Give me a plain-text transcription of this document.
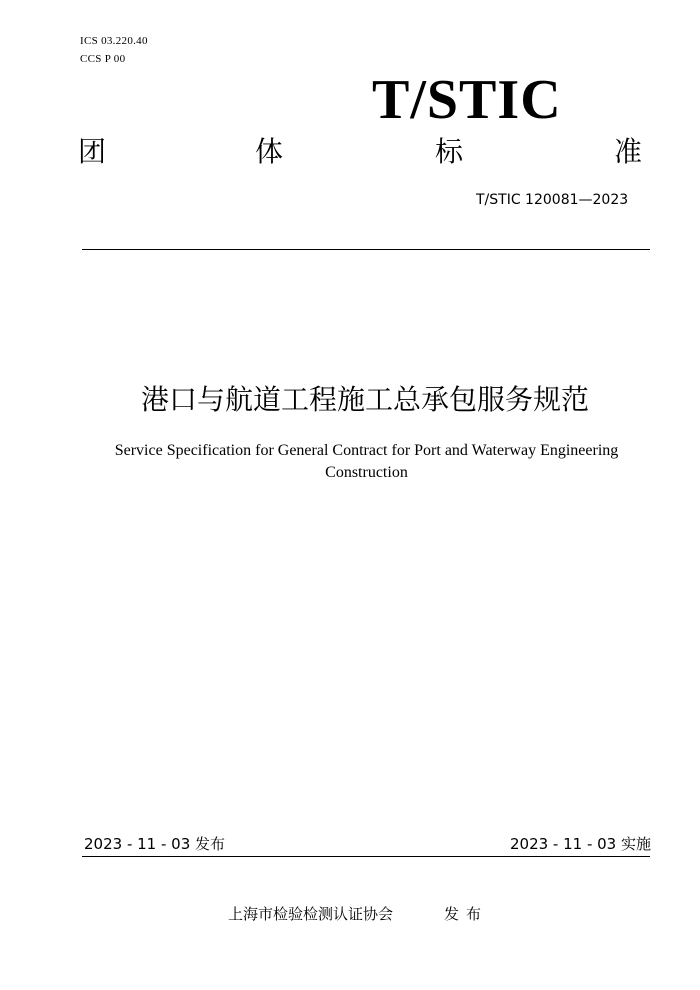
ICS 03.220.40
CCS P 00
T/STIC
团	体	标	准
T/STIC 120081—2023
港口与航道工程施工总承包服务规范
Service Specification for General Contract for Port and Waterway Engineering Construction
2023 - 11 - 03 发布	2023 - 11 - 03 实施
上海市检验检测认证协会	发布
